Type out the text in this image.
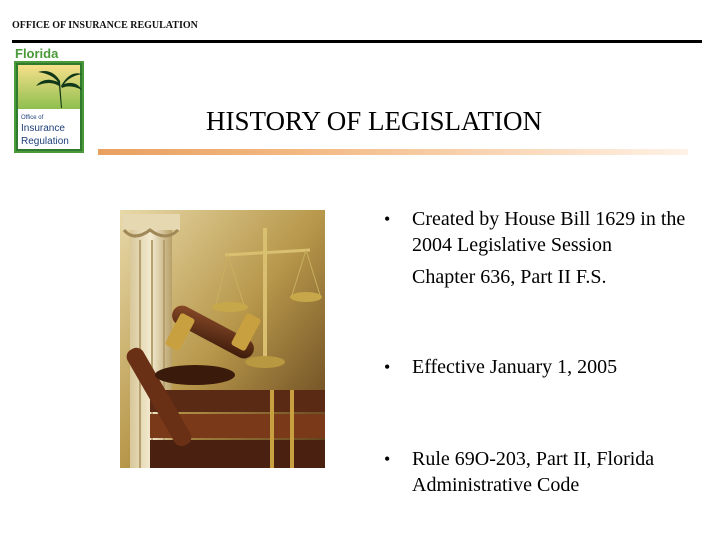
OFFICE OF INSURANCE REGULATION
Florida
Office of
Insurance
Regulation
HISTORY OF LEGISLATION
• Created by House Bill 1629 in the 2004 Legislative Session
Chapter 636, Part II F.S.
• Effective January 1, 2005
• Rule 69O-203, Part II, Florida Administrative Code
